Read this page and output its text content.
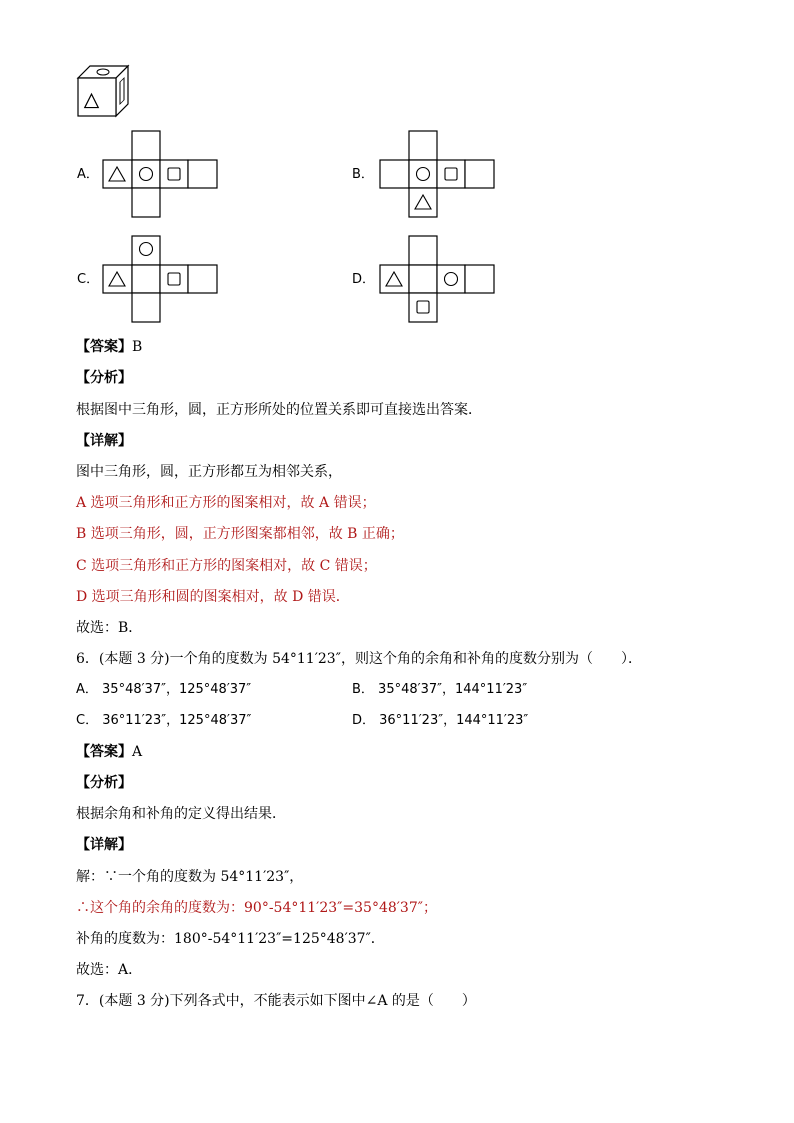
A．	B．
C．	D．
【答案】B
【分析】
根据图中三角形，圆，正方形所处的位置关系即可直接选出答案．
【详解】
图中三角形，圆，正方形都互为相邻关系，
A 选项三角形和正方形的图案相对，故 A 错误；
B 选项三角形，圆，正方形图案都相邻，故 B 正确；
C 选项三角形和正方形的图案相对，故 C 错误；
D 选项三角形和圆的图案相对，故 D 错误．
故选：B．
6．(本题 3 分)一个角的度数为 54°11′23″，则这个角的余角和补角的度数分别为（　　）．
A． 35°48′37″，125°48′37″	B． 35°48′37″，144°11′23″
C． 36°11′23″，125°48′37″	D． 36°11′23″，144°11′23″
【答案】A
【分析】
根据余角和补角的定义得出结果．
【详解】
解：∵一个角的度数为 54°11′23″，
∴这个角的余角的度数为：90°-54°11′23″=35°48′37″；
补角的度数为：180°-54°11′23″=125°48′37″．
故选：A．
7．(本题 3 分)下列各式中，不能表示如下图中∠A 的是（　　）
